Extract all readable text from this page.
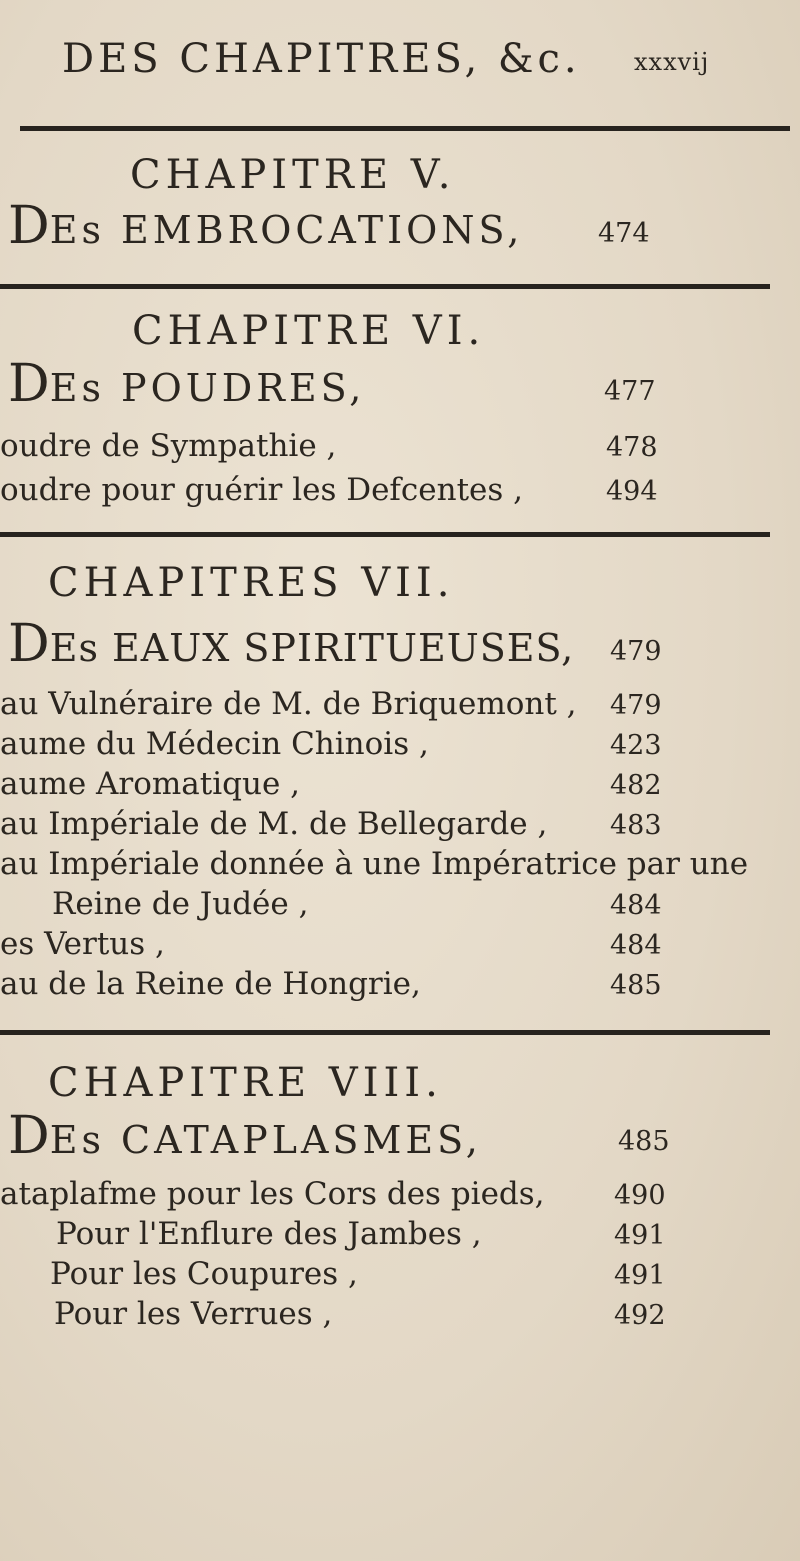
DES CHAPITRES, &c. xxxvij
CHAPITRE V.
DEs EMBROCATIONS,	474
CHAPITRE VI.
DEs POUDRES,	477
oudre de Sympathie ,	478
oudre pour guérir les Defcentes ,	494
CHAPITRES VII.
DEs EAUX SPIRITUEUSES, 479
au Vulnéraire de M. de Briquemont , 479
aume du Médecin Chinois ,	423
aume Aromatique ,	482
au Impériale de M. de Bellegarde , 483
au Impériale donnée à une Impératrice par une
Reine de Judée ,	484
es Vertus ,	484
au de la Reine de Hongrie,	485
CHAPITRE VIII.
DEs CATAPLASMES,	485
ataplafme pour les Cors des pieds,	490
Pour l'Enflure des Jambes ,	491
Pour les Coupures ,	491
Pour les Verrues ,	492
